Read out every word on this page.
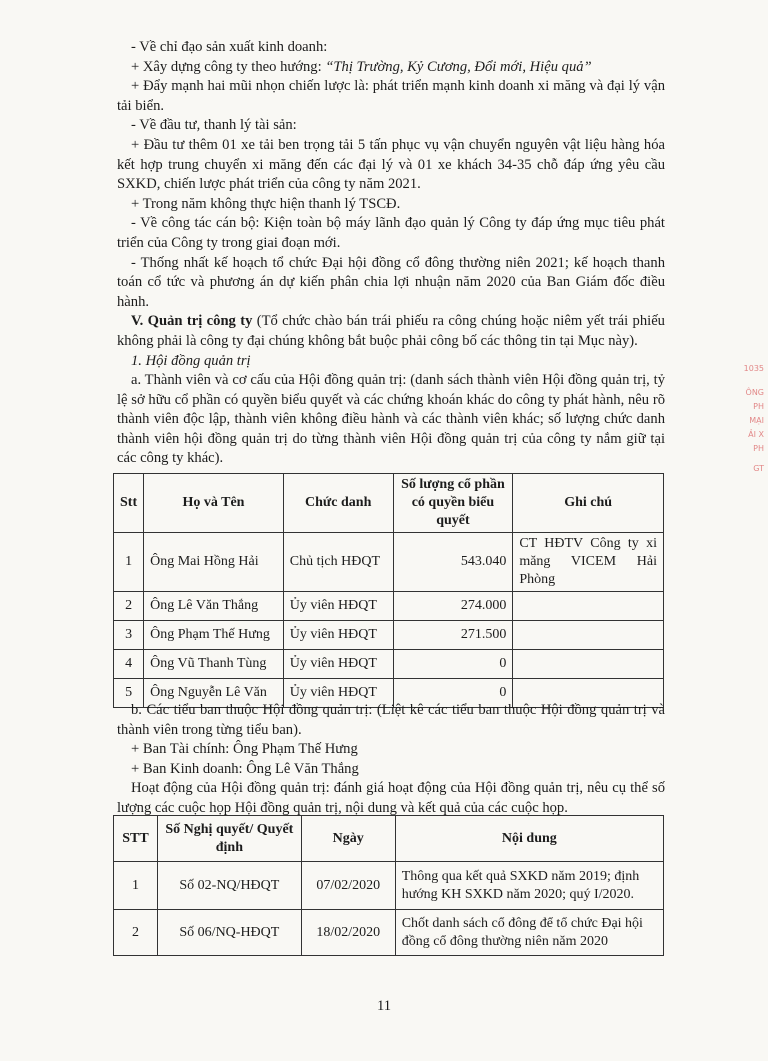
- Về chỉ đạo sản xuất kinh doanh:

+ Xây dựng công ty theo hướng: “Thị Trường, Kỷ Cương, Đổi mới, Hiệu quả”

+ Đẩy mạnh hai mũi nhọn chiến lược là: phát triển mạnh kinh doanh xi măng và đại lý vận tải biển.

- Về đầu tư, thanh lý tài sản:

+ Đầu tư thêm 01 xe tải ben trọng tải 5 tấn phục vụ vận chuyển nguyên vật liệu hàng hóa kết hợp trung chuyển xi măng đến các đại lý và 01 xe khách 34-35 chỗ đáp ứng yêu cầu SXKD, chiến lược phát triển của công ty năm 2021.

+ Trong năm không thực hiện thanh lý TSCĐ.

- Về công tác cán bộ: Kiện toàn bộ máy lãnh đạo quản lý Công ty đáp ứng mục tiêu phát triển của Công ty trong giai đoạn mới.

- Thống nhất kế hoạch tổ chức Đại hội đồng cổ đông thường niên 2021; kế hoạch thanh toán cổ tức và phương án dự kiến phân chia lợi nhuận năm 2020 của Ban Giám đốc điều hành.

V. Quản trị công ty (Tổ chức chào bán trái phiếu ra công chúng hoặc niêm yết trái phiếu không phải là công ty đại chúng không bắt buộc phải công bố các thông tin tại Mục này).

1. Hội đồng quản trị

a. Thành viên và cơ cấu của Hội đồng quản trị: (danh sách thành viên Hội đồng quản trị, tỷ lệ sở hữu cổ phần có quyền biểu quyết và các chứng khoán khác do công ty phát hành, nêu rõ thành viên độc lập, thành viên không điều hành và các thành viên khác; số lượng chức danh thành viên hội đồng quản trị do từng thành viên Hội đồng quản trị của công ty nắm giữ tại các công ty khác).

Stt	Họ và Tên	Chức danh	Số lượng cổ phần có quyền biểu quyết	Ghi chú
1	Ông Mai Hồng Hải	Chủ tịch HĐQT	543.040	CT HĐTV Công ty xi măng VICEM Hải Phòng
2	Ông Lê Văn Thắng	Ủy viên HĐQT	274.000	
3	Ông Phạm Thế Hưng	Ủy viên HĐQT	271.500	
4	Ông Vũ Thanh Tùng	Ủy viên HĐQT	0	
5	Ông Nguyễn Lê Văn	Ủy viên HĐQT	0	

b. Các tiểu ban thuộc Hội đồng quản trị: (Liệt kê các tiểu ban thuộc Hội đồng quản trị và thành viên trong từng tiểu ban).

+ Ban Tài chính: Ông Phạm Thế Hưng

+ Ban Kinh doanh: Ông Lê Văn Thắng

Hoạt động của Hội đồng quản trị: đánh giá hoạt động của Hội đồng quản trị, nêu cụ thể số lượng các cuộc họp Hội đồng quản trị, nội dung và kết quả của các cuộc họp.

STT	Số Nghị quyết/ Quyết định	Ngày	Nội dung
1	Số 02-NQ/HĐQT	07/02/2020	Thông qua kết quả SXKD năm 2019; định hướng KH SXKD năm 2020; quý I/2020.
2	Số 06/NQ-HĐQT	18/02/2020	Chốt danh sách cổ đông để tổ chức Đại hội đồng cổ đông thường niên năm 2020
11
1035
ÔNG
PH
MẠI
ẢI X
PH
GT
